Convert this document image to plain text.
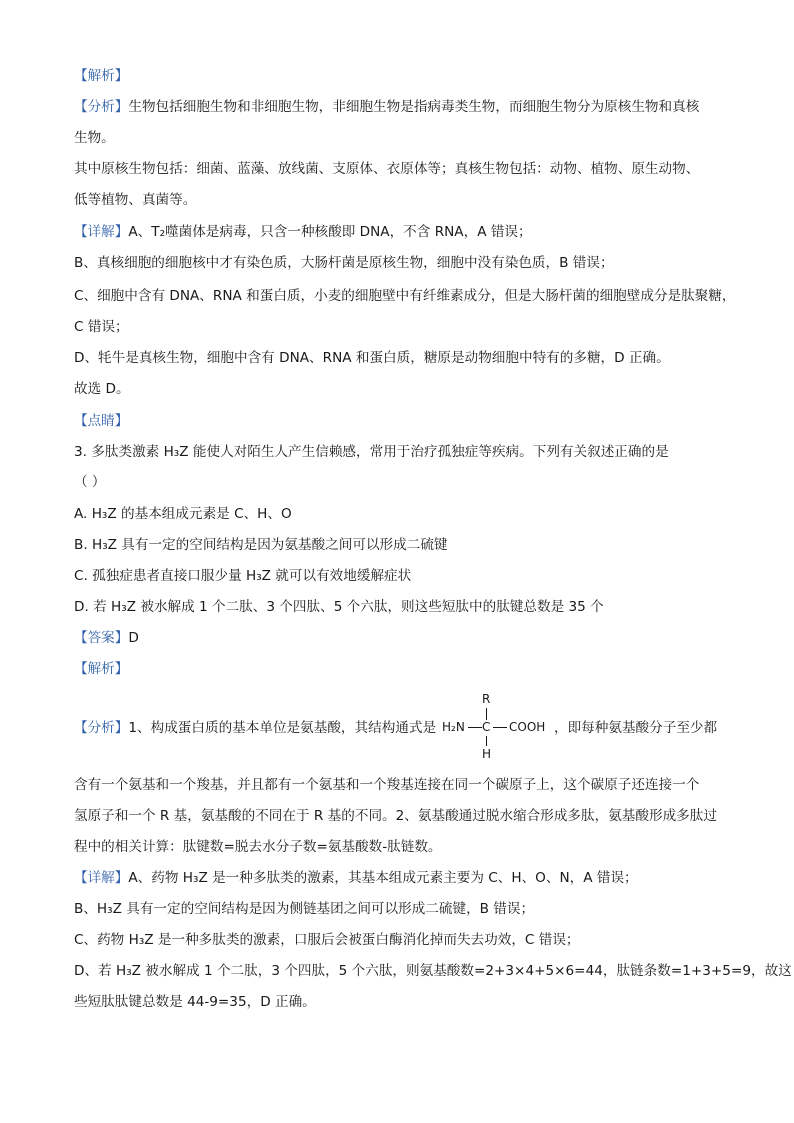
【解析】
【分析】生物包括细胞生物和非细胞生物，非细胞生物是指病毒类生物，而细胞生物分为原核生物和真核
生物。
其中原核生物包括：细菌、蓝藻、放线菌、支原体、衣原体等；真核生物包括：动物、植物、原生动物、
低等植物、真菌等。
【详解】A、T₂噬菌体是病毒，只含一种核酸即 DNA，不含 RNA，A 错误；
B、真核细胞的细胞核中才有染色质，大肠杆菌是原核生物，细胞中没有染色质，B 错误；
C、细胞中含有 DNA、RNA 和蛋白质，小麦的细胞壁中有纤维素成分，但是大肠杆菌的细胞壁成分是肽聚糖，
C 错误；
D、牦牛是真核生物，细胞中含有 DNA、RNA 和蛋白质，糖原是动物细胞中特有的多糖，D 正确。
故选 D。
【点睛】
3. 多肽类激素 H₃Z 能使人对陌生人产生信赖感，常用于治疗孤独症等疾病。下列有关叙述正确的是
（ ）
A. H₃Z 的基本组成元素是 C、H、O
B. H₃Z 具有一定的空间结构是因为氨基酸之间可以形成二硫键
C. 孤独症患者直接口服少量 H₃Z 就可以有效地缓解症状
D. 若 H₃Z 被水解成 1 个二肽、3 个四肽、5 个六肽，则这些短肽中的肽键总数是 35 个
【答案】D
【解析】
【分析】1、构成蛋白质的基本单位是氨基酸，其结构通式是	，即每种氨基酸分子至少都
R
H₂N C COOH
H
含有一个氨基和一个羧基，并且都有一个氨基和一个羧基连接在同一个碳原子上，这个碳原子还连接一个
氢原子和一个 R 基，氨基酸的不同在于 R 基的不同。2、氨基酸通过脱水缩合形成多肽，氨基酸形成多肽过
程中的相关计算：肽键数=脱去水分子数=氨基酸数-肽链数。
【详解】A、药物 H₃Z 是一种多肽类的激素，其基本组成元素主要为 C、H、O、N，A 错误；
B、H₃Z 具有一定的空间结构是因为侧链基团之间可以形成二硫键，B 错误；
C、药物 H₃Z 是一种多肽类的激素，口服后会被蛋白酶消化掉而失去功效，C 错误；
D、若 H₃Z 被水解成 1 个二肽，3 个四肽，5 个六肽，则氨基酸数=2+3×4+5×6=44，肽链条数=1+3+5=9，故这
些短肽肽键总数是 44-9=35，D 正确。
